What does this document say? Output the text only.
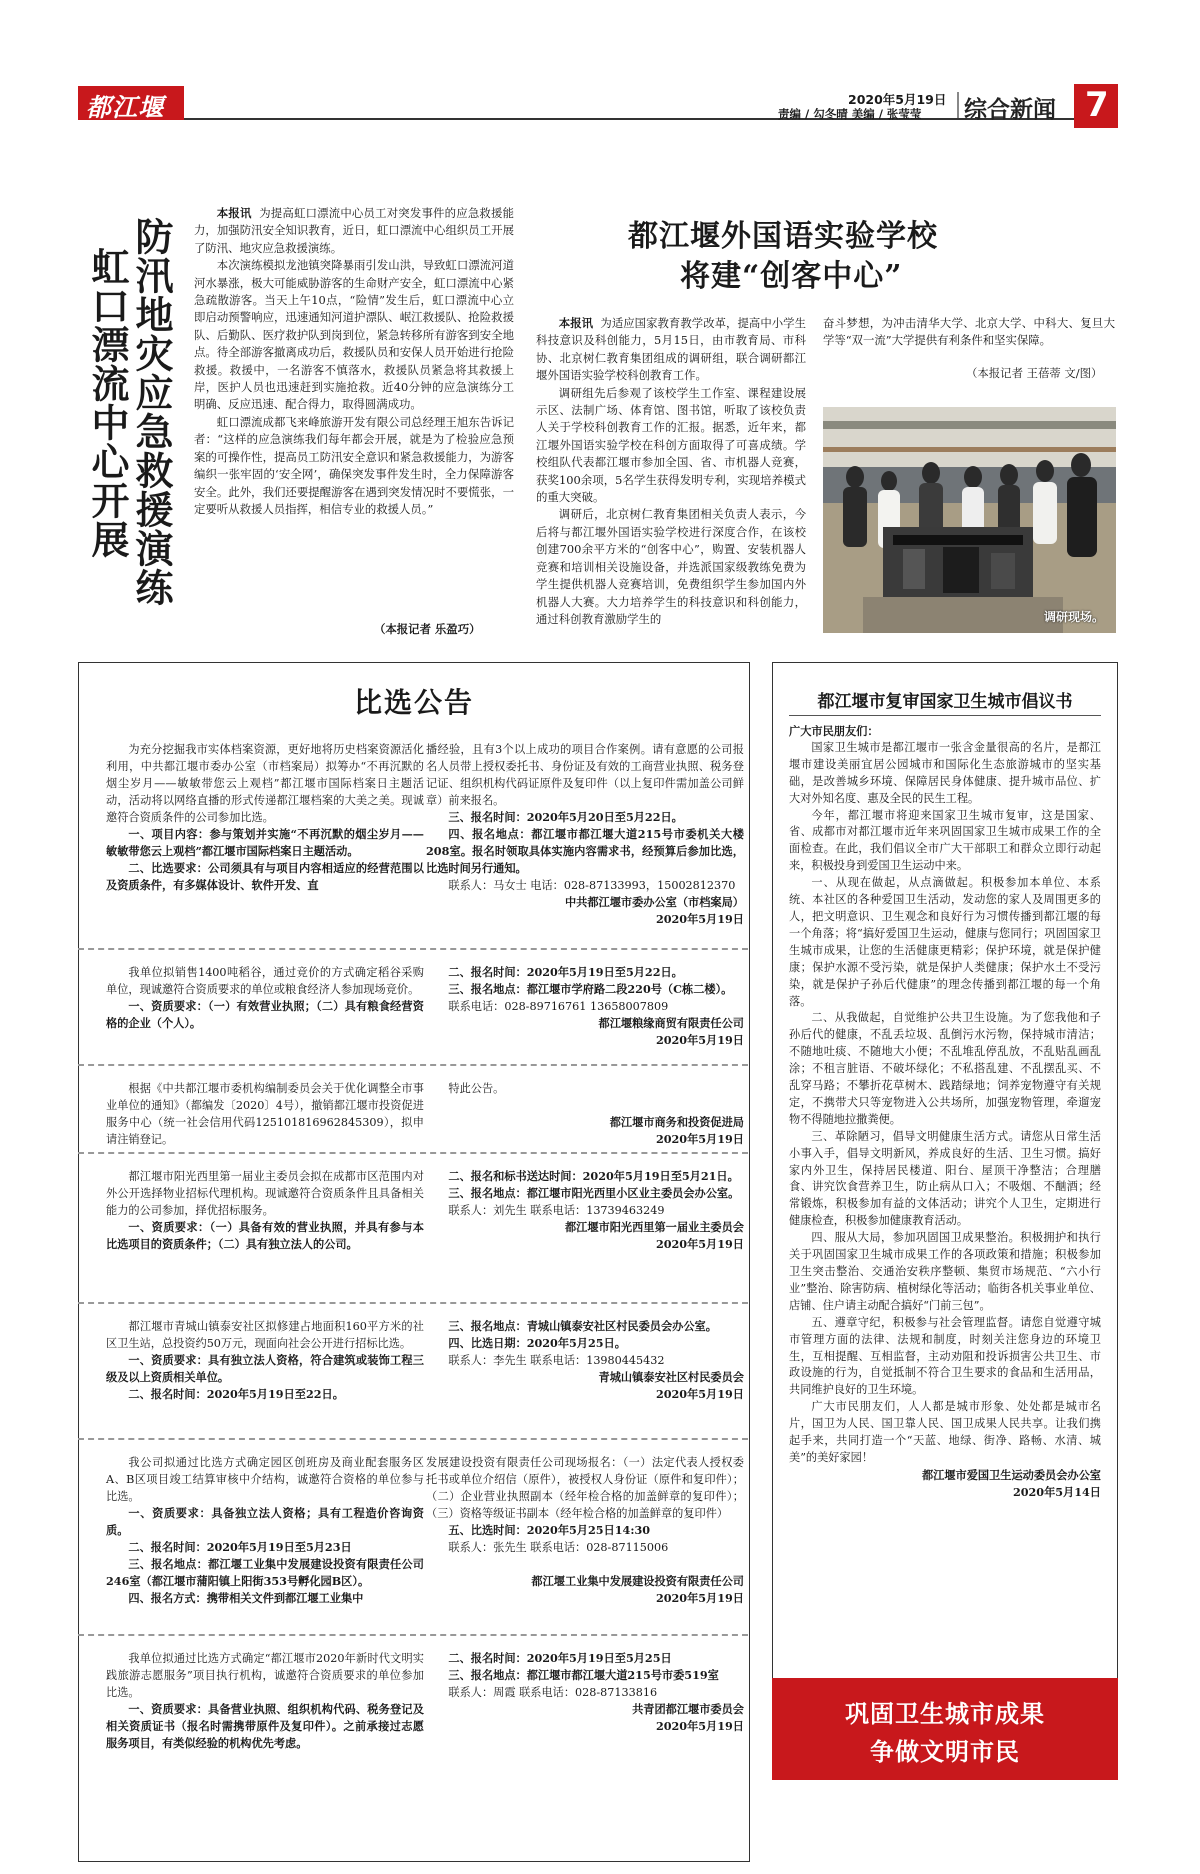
都江堰报
2020年5月19日
责编 / 勾冬晴 美编 / 张莹莹 综合新闻 7
防汛地灾应急救援演练
虹口漂流中心开展

本报讯 为提高虹口漂流中心员工对突发事件的应急救援能力，加强防汛安全知识教育，近日，虹口漂流中心组织员工开展了防汛、地灾应急救援演练。

本次演练模拟龙池镇突降暴雨引发山洪，导致虹口漂流河道河水暴涨，极大可能威胁游客的生命财产安全，虹口漂流中心紧急疏散游客。当天上午10点，“险情”发生后，虹口漂流中心立即启动预警响应，迅速通知河道护漂队、岷江救援队、抢险救援队、后勤队、医疗救护队到岗到位，紧急转移所有游客到安全地点。待全部游客撤离成功后，救援队员和安保人员开始进行抢险救援。救援中，一名游客不慎落水，救援队员紧急将其救援上岸，医护人员也迅速赶到实施抢救。近40分钟的应急演练分工明确、反应迅速、配合得力，取得圆满成功。

虹口漂流成都飞来峰旅游开发有限公司总经理王旭东告诉记者：“这样的应急演练我们每年都会开展，就是为了检验应急预案的可操作性，提高员工防汛安全意识和紧急救援能力，为游客编织一张牢固的‘安全网’，确保突发事件发生时，全力保障游客安全。此外，我们还要提醒游客在遇到突发情况时不要慌张，一定要听从救援人员指挥，相信专业的救援人员。”

（本报记者 乐盈巧）
都江堰外国语实验学校
将建“创客中心”

本报讯 为适应国家教育教学改革，提高中小学生科技意识及科创能力，5月15日，由市教育局、市科协、北京树仁教育集团组成的调研组，联合调研都江堰外国语实验学校科创教育工作。

调研组先后参观了该校学生工作室、课程建设展示区、法制广场、体育馆、图书馆，听取了该校负责人关于学校科创教育工作的汇报。据悉，近年来，都江堰外国语实验学校在科创方面取得了可喜成绩。学校组队代表都江堰市参加全国、省、市机器人竞赛，获奖100余项，5名学生获得发明专利，实现培养模式的重大突破。

调研后，北京树仁教育集团相关负责人表示，今后将与都江堰外国语实验学校进行深度合作，在该校创建700余平方米的“创客中心”，购置、安装机器人竞赛和培训相关设施设备，并选派国家级教练免费为学生提供机器人竞赛培训，免费组织学生参加国内外机器人大赛。大力培养学生的科技意识和科创能力，通过科创教育激励学生的

奋斗梦想，为冲击清华大学、北京大学、中科大、复旦大学等“双一流”大学提供有利条件和坚实保障。

（本报记者 王蓓蒂 文/图）
调研现场。
比选公告

为充分挖掘我市实体档案资源，更好地将历史档案资源活化利用，中共都江堰市委办公室（市档案局）拟筹办“不再沉默的烟尘岁月——敏敏带您云上观档”都江堰市国际档案日主题活动，活动将以网络直播的形式传递都江堰档案的大美之美。现诚邀符合资质条件的公司参加比选。

一、项目内容：参与策划并实施“不再沉默的烟尘岁月——敏敏带您云上观档”都江堰市国际档案日主题活动。

二、比选要求：公司须具有与项目内容相适应的经营范围以及资质条件，有多媒体设计、软件开发、直

播经验，且有3个以上成功的项目合作案例。请有意愿的公司报名人员带上授权委托书、身份证及有效的工商营业执照、税务登记证、组织机构代码证原件及复印件（以上复印件需加盖公司鲜章）前来报名。

三、报名时间：2020年5月20日至5月22日。

四、报名地点：都江堰市都江堰大道215号市委机关大楼208室。报名时领取具体实施内容需求书，经预算后参加比选，比选时间另行通知。

联系人：马女士 电话：028-87133993，15002812370

中共都江堰市委办公室（市档案局）

2020年5月19日

我单位拟销售1400吨稻谷，通过竞价的方式确定稻谷采购单位，现诚邀符合资质要求的单位或粮食经济人参加现场竞价。

一、资质要求：（一）有效营业执照；（二）具有粮食经营资格的企业（个人）。

二、报名时间：2020年5月19日至5月22日。

三、报名地点：都江堰市学府路二段220号（C栋二楼）。

联系电话：028-89716761 13658007809

都江堰粮缘商贸有限责任公司

2020年5月19日

根据《中共都江堰市委机构编制委员会关于优化调整全市事业单位的通知》（都编发〔2020〕4号），撤销都江堰市投资促进服务中心（统一社会信用代码125101816962845309），拟申请注销登记。

特此公告。

都江堰市商务和投资促进局

2020年5月19日

都江堰市阳光西里第一届业主委员会拟在成都市区范围内对外公开选择物业招标代理机构。现诚邀符合资质条件且具备相关能力的公司参加，择优招标服务。

一、资质要求：（一）具备有效的营业执照，并具有参与本比选项目的资质条件；（二）具有独立法人的公司。

二、报名和标书送达时间：2020年5月19日至5月21日。

三、报名地点：都江堰市阳光西里小区业主委员会办公室。

联系人：刘先生 联系电话：13739463249

都江堰市阳光西里第一届业主委员会

2020年5月19日

都江堰市青城山镇泰安社区拟修建占地面积160平方米的社区卫生站，总投资约50万元，现面向社会公开进行招标比选。

一、资质要求：具有独立法人资格，符合建筑或装饰工程三级及以上资质相关单位。

二、报名时间：2020年5月19日至22日。

三、报名地点：青城山镇泰安社区村民委员会办公室。

四、比选日期：2020年5月25日。

联系人：李先生 联系电话：13980445432

青城山镇泰安社区村民委员会

2020年5月19日

我公司拟通过比选方式确定园区创班房及商业配套服务区A、B区项目竣工结算审核中介结构，诚邀符合资格的单位参与比选。

一、资质要求：具备独立法人资格；具有工程造价咨询资质。

二、报名时间：2020年5月19日至5月23日

三、报名地点：都江堰工业集中发展建设投资有限责任公司246室（都江堰市蒲阳镇上阳街353号孵化园B区）。

四、报名方式：携带相关文件到都江堰工业集中

发展建设投资有限责任公司现场报名：（一）法定代表人授权委托书或单位介绍信（原件），被授权人身份证（原件和复印件）；（二）企业营业执照副本（经年检合格的加盖鲜章的复印件）；（三）资格等级证书副本（经年检合格的加盖鲜章的复印件）

五、比选时间：2020年5月25日14:30

联系人：张先生 联系电话：028-87115006

都江堰工业集中发展建设投资有限责任公司

2020年5月19日

我单位拟通过比选方式确定“都江堰市2020年新时代文明实践旅游志愿服务”项目执行机构，诚邀符合资质要求的单位参加比选。

一、资质要求：具备营业执照、组织机构代码、税务登记及相关资质证书（报名时需携带原件及复印件）。之前承接过志愿服务项目，有类似经验的机构优先考虑。

二、报名时间：2020年5月19日至5月25日

三、报名地点：都江堰市都江堰大道215号市委519室

联系人：周霞 联系电话：028-87133816

共青团都江堰市委员会

2020年5月19日

都江堰市复审国家卫生城市倡议书

广大市民朋友们：

国家卫生城市是都江堰市一张含金量很高的名片，是都江堰市建设美丽宜居公园城市和国际化生态旅游城市的坚实基础，是改善城乡环境、保障居民身体健康、提升城市品位、扩大对外知名度、惠及全民的民生工程。

今年，都江堰市将迎来国家卫生城市复审，这是国家、省、成都市对都江堰市近年来巩固国家卫生城市成果工作的全面检查。在此，我们倡议全市广大干部职工和群众立即行动起来，积极投身到爱国卫生运动中来。

一、从现在做起，从点滴做起。积极参加本单位、本系统、本社区的各种爱国卫生活动，发动您的家人及周围更多的人，把文明意识、卫生观念和良好行为习惯传播到都江堰的每一个角落；将“搞好爱国卫生运动，健康与您同行；巩固国家卫生城市成果，让您的生活健康更精彩；保护环境，就是保护健康；保护水源不受污染，就是保护人类健康；保护水土不受污染，就是保护子孙后代健康”的理念传播到都江堰的每一个角落。

二、从我做起，自觉维护公共卫生设施。为了您我他和子孙后代的健康，不乱丢垃圾、乱倒污水污物，保持城市清洁；不随地吐痰、不随地大小便；不乱堆乱停乱放，不乱贴乱画乱涂；不租言脏语、不破坏绿化；不私搭乱建、不乱摆乱买、不乱穿马路；不攀折花草树木、践踏绿地；饲养宠物遵守有关规定，不携带犬只等宠物进入公共场所，加强宠物管理，牵遛宠物不得随地拉撒粪便。

三、革除陋习，倡导文明健康生活方式。请您从日常生活小事入手，倡导文明新风，养成良好的生活、卫生习惯。搞好家内外卫生，保持居民楼道、阳台、屋顶干净整洁；合理膳食、讲究饮食营养卫生，防止病从口入；不吸烟、不酗酒；经常锻炼，积极参加有益的文体活动；讲究个人卫生，定期进行健康检查，积极参加健康教育活动。

四、服从大局，参加巩固国卫成果整治。积极拥护和执行关于巩固国家卫生城市成果工作的各项政策和措施；积极参加卫生突击整治、交通治安秩序整顿、集贸市场规范、“六小行业”整治、除害防病、植树绿化等活动；临街各机关事业单位、店铺、住户请主动配合搞好“门前三包”。

五、遵章守纪，积极参与社会管理监督。请您自觉遵守城市管理方面的法律、法规和制度，时刻关注您身边的环境卫生，互相提醒、互相监督，主动劝阻和投诉损害公共卫生、市政设施的行为，自觉抵制不符合卫生要求的食品和生活用品，共同维护良好的卫生环境。

广大市民朋友们，人人都是城市形象、处处都是城市名片，国卫为人民、国卫靠人民、国卫成果人民共享。让我们携起手来，共同打造一个“天蓝、地绿、街净、路畅、水清、城美”的美好家园！

都江堰市爱国卫生运动委员会办公室

2020年5月14日

巩固卫生城市成果
争做文明市民
